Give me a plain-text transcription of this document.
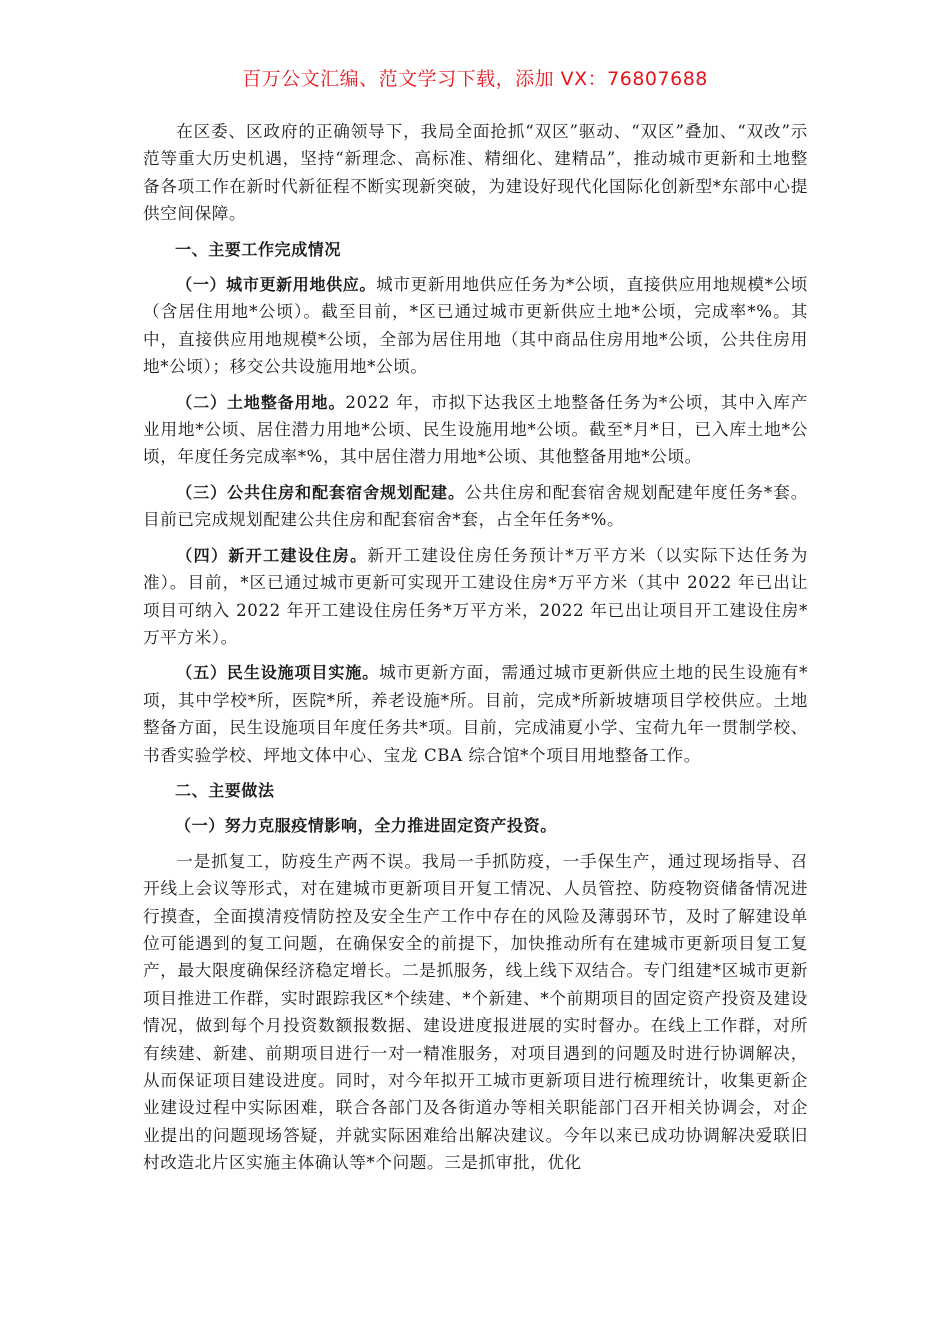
百万公文汇编、范文学习下载，添加 VX：76807688

在区委、区政府的正确领导下，我局全面抢抓“双区”驱动、“双区”叠加、“双改”示范等重大历史机遇，坚持“新理念、高标准、精细化、建精品”，推动城市更新和土地整备各项工作在新时代新征程不断实现新突破，为建设好现代化国际化创新型*东部中心提供空间保障。

一、主要工作完成情况

（一）城市更新用地供应。城市更新用地供应任务为*公顷，直接供应用地规模*公顷（含居住用地*公顷）。截至目前，*区已通过城市更新供应土地*公顷，完成率*%。其中，直接供应用地规模*公顷，全部为居住用地（其中商品住房用地*公顷，公共住房用地*公顷）；移交公共设施用地*公顷。

（二）土地整备用地。2022 年，市拟下达我区土地整备任务为*公顷，其中入库产业用地*公顷、居住潜力用地*公顷、民生设施用地*公顷。截至*月*日，已入库土地*公顷，年度任务完成率*%，其中居住潜力用地*公顷、其他整备用地*公顷。

（三）公共住房和配套宿舍规划配建。公共住房和配套宿舍规划配建年度任务*套。目前已完成规划配建公共住房和配套宿舍*套，占全年任务*%。

（四）新开工建设住房。新开工建设住房任务预计*万平方米（以实际下达任务为准）。目前，*区已通过城市更新可实现开工建设住房*万平方米（其中 2022 年已出让项目可纳入 2022 年开工建设住房任务*万平方米，2022 年已出让项目开工建设住房*万平方米）。

（五）民生设施项目实施。城市更新方面，需通过城市更新供应土地的民生设施有*项，其中学校*所，医院*所，养老设施*所。目前，完成*所新坡塘项目学校供应。土地整备方面，民生设施项目年度任务共*项。目前，完成浦夏小学、宝荷九年一贯制学校、书香实验学校、坪地文体中心、宝龙 CBA 综合馆*个项目用地整备工作。

二、主要做法

（一）努力克服疫情影响，全力推进固定资产投资。

一是抓复工，防疫生产两不误。我局一手抓防疫，一手保生产，通过现场指导、召开线上会议等形式，对在建城市更新项目开复工情况、人员管控、防疫物资储备情况进行摸查，全面摸清疫情防控及安全生产工作中存在的风险及薄弱环节，及时了解建设单位可能遇到的复工问题，在确保安全的前提下，加快推动所有在建城市更新项目复工复产，最大限度确保经济稳定增长。二是抓服务，线上线下双结合。专门组建*区城市更新项目推进工作群，实时跟踪我区*个续建、*个新建、*个前期项目的固定资产投资及建设情况，做到每个月投资数额报数据、建设进度报进展的实时督办。在线上工作群，对所有续建、新建、前期项目进行一对一精准服务，对项目遇到的问题及时进行协调解决，从而保证项目建设进度。同时，对今年拟开工城市更新项目进行梳理统计，收集更新企业建设过程中实际困难，联合各部门及各街道办等相关职能部门召开相关协调会，对企业提出的问题现场答疑，并就实际困难给出解决建议。今年以来已成功协调解决爱联旧村改造北片区实施主体确认等*个问题。三是抓审批，优化
